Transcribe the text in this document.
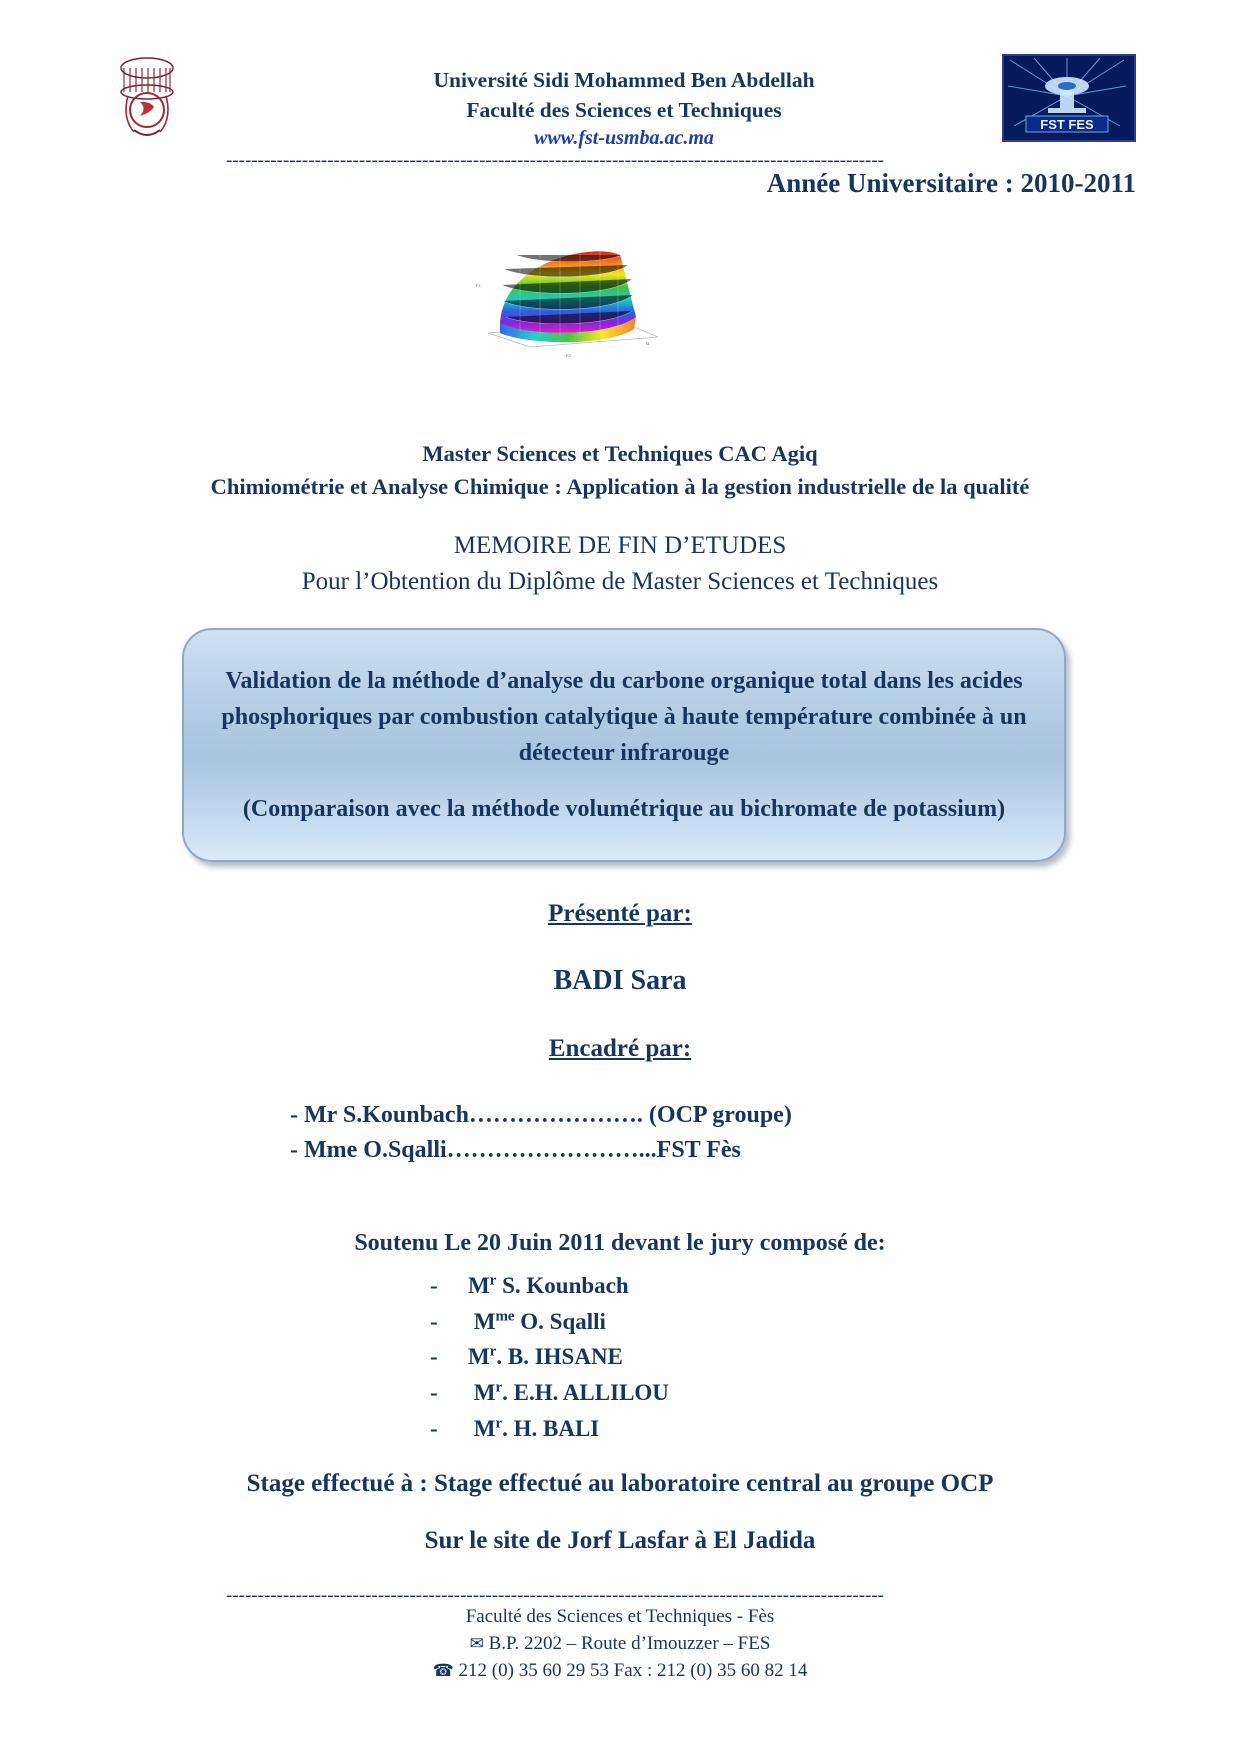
Université Sidi Mohammed Ben Abdellah
Faculté des Sciences et Techniques
www.fst-usmba.ac.ma
FST FES
--------------------------------------------------------------------------------------------------------
Année Universitaire : 2010-2011
F1
F2
f3
Master Sciences et Techniques CAC Agiq
Chimiométrie et Analyse Chimique : Application à la gestion industrielle de la qualité
MEMOIRE DE FIN D’ETUDES
Pour l’Obtention du Diplôme de Master Sciences et Techniques
Validation de la méthode d’analyse du carbone organique total dans les acides phosphoriques par combustion catalytique à haute température combinée à un détecteur infrarouge
(Comparaison avec la méthode volumétrique au bichromate de potassium)
Présenté par:
BADI Sara
Encadré par:
- Mr S.Kounbach…………………. (OCP groupe)
- Mme O.Sqalli……………………...FST Fès
Soutenu Le 20 Juin 2011 devant le jury composé de:
- $M^r$ S. Kounbach
- $M^{me}$ O. Sqalli
- $M^r$. B. IHSANE
- $M^r$. E.H. ALLILOU
- $M^r$. H. BALI
Stage effectué à : Stage effectué au laboratoire central au groupe OCP
Sur le site de Jorf Lasfar à El Jadida
--------------------------------------------------------------------------------------------------------
Faculté des Sciences et Techniques - Fès
✉ B.P. 2202 – Route d’Imouzzer – FES
☎ 212 (0) 35 60 29 53 Fax : 212 (0) 35 60 82 14
